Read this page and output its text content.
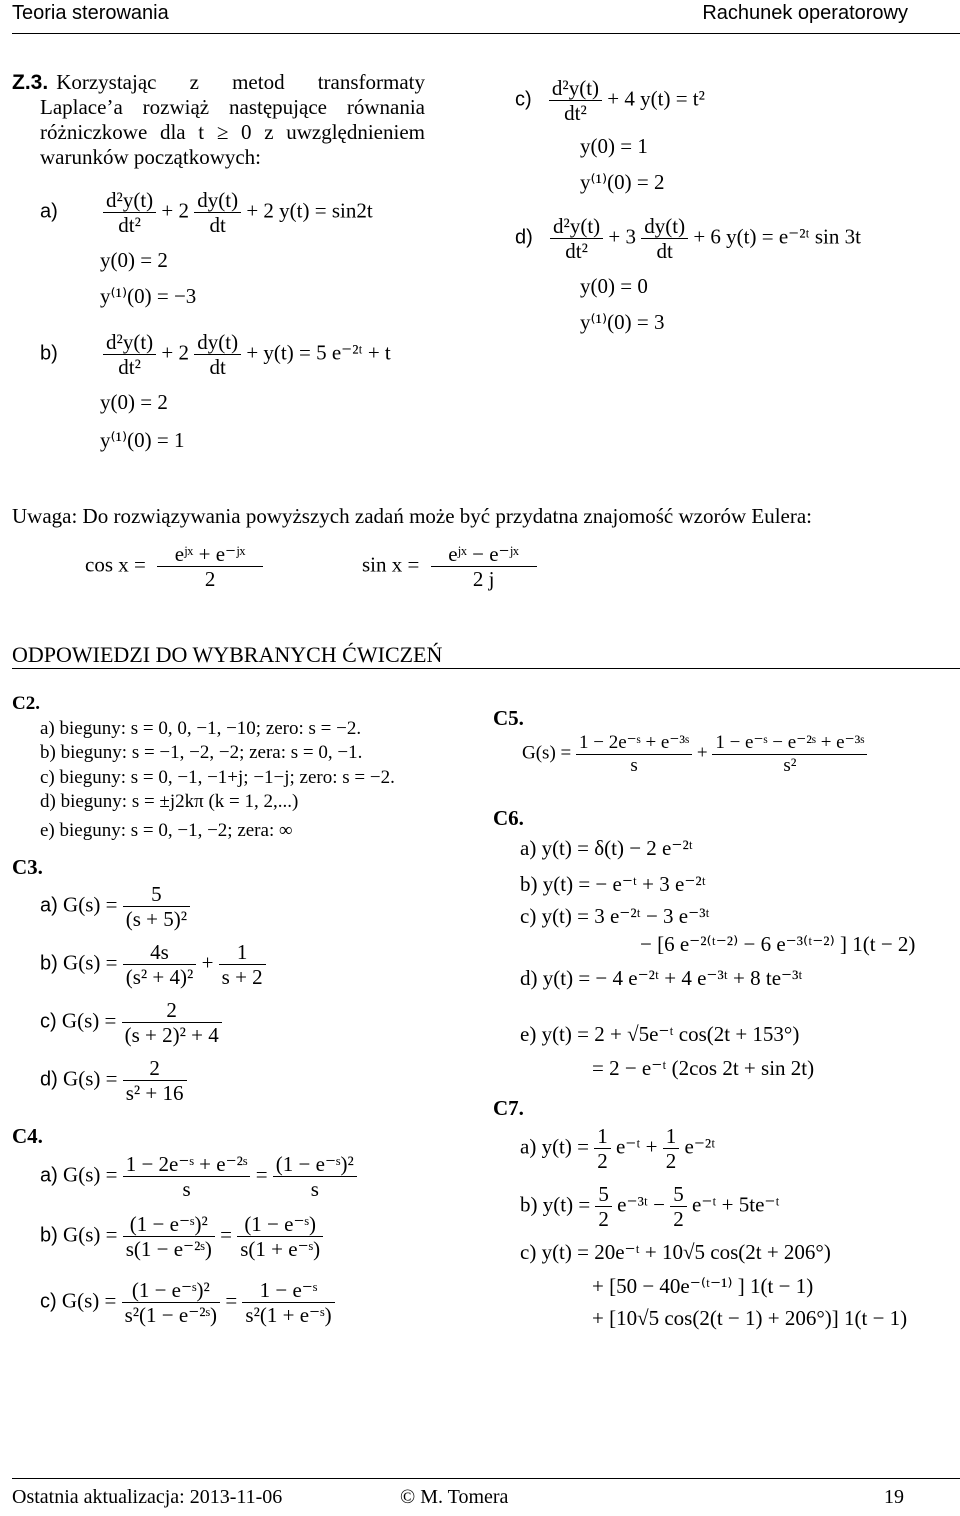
Teoria sterowania	Rachunek operatorowy
Z.3. Korzystając z metod transformaty
Laplace’a rozwiąż następujące równania
różniczkowe dla t ≥ 0 z uwzględnieniem
warunków początkowych:
$a) \frac{\text{d²y(t)}}{\text{dt²}} + 2 \frac{dy(t)}{dt} + 2$ y(t) = sin2t
y(0) = 2
y⁽¹⁾(0) = −3
$b) \frac{\text{d²y(t)}}{\text{dt²}} + 2 \frac{dy(t)}{dt} + y(t) = 5$ e⁻²ᵗ + t
y(0) = 2
y⁽¹⁾(0) = 1
$c) \frac{\text{d²y(t)}}{\text{dt²}} + 4$ y(t) = t²
y(0) = 1
y⁽¹⁾(0) = 2
$d) \frac{\text{d²y(t)}}{\text{dt²}} + 3 \frac{dy(t)}{dt} + 6$ y(t) = e⁻²ᵗ sin 3t
y(0) = 0
y⁽¹⁾(0) = 3
Uwaga: Do rozwiązywania powyższych zadań może być przydatna znajomość wzorów Eulera:
$\cos x = \frac{\text{eʲˣ + e⁻ʲˣ}}{2}$	$\sin x = \frac{\text{eʲˣ − e⁻ʲˣ}}{2 j}$
ODPOWIEDZI DO WYBRANYCH ĆWICZEŃ
C2.
a) bieguny: s = 0, 0, −1, −10; zero: s = −2.
b) bieguny: s = −1, −2, −2; zera: s = 0, −1.
c) bieguny: s = 0, −1, −1+j; −1−j; zero: s = −2.
d) bieguny: s = ±j2kπ (k = 1, 2,...)
e) bieguny: s = 0, −1, −2; zera: ∞
C3.
a) $G(s) = \frac{5}{\text{(s + 5)²}}$
b) $G(s) = \frac{4s}{\text{(s² + 4)²}} + \frac{1}{s + 2}$
c) $G(s) = \frac{2}{\text{(s + 2)² + 4}}$
d) $G(s) = \frac{2}{\text{s² + 16}}$
C4.
a) $G(s) = \frac{\text{1 − 2e⁻ˢ + e⁻²ˢ}}{s} = \frac{\text{(1 − e⁻ˢ)²}}{s}$
b) $G(s) = \frac{\text{(1 − e⁻ˢ)²}}{\text{s(1 − e⁻²ˢ)}} = \frac{\text{(1 − e⁻ˢ)}}{\text{s(1 + e⁻ˢ)}}$
c) $G(s) = \frac{\text{(1 − e⁻ˢ)²}}{\text{s²(1 − e⁻²ˢ)}} = \frac{\text{1 − e⁻ˢ}}{\text{s²(1 + e⁻ˢ)}}$
C5.
$G(s) = \frac{\text{1 − 2e⁻ˢ + e⁻³ˢ}}{s} + \frac{\text{1 − e⁻ˢ − e⁻²ˢ + e⁻³ˢ}}{\text{s²}}$
C6.
a) y(t) = δ(t) − 2 e⁻²ᵗ
b) y(t) = − e⁻ᵗ + 3 e⁻²ᵗ
c) y(t) = 3 e⁻²ᵗ − 3 e⁻³ᵗ
− [6 e⁻²⁽ᵗ⁻²⁾ − 6 e⁻³⁽ᵗ⁻²⁾ ] 1(t − 2)
d) y(t) = − 4 e⁻²ᵗ + 4 e⁻³ᵗ + 8 te⁻³ᵗ
e) y(t) = 2 + √5e⁻ᵗ cos(2t + 153°)
= 2 − e⁻ᵗ (2cos 2t + sin 2t)
C7.
a) $y(t) = \frac{1}{2}$ e⁻ᵗ + $\frac{1}{2}$ e⁻²ᵗ
b) $y(t) = \frac{5}{2}$ e⁻³ᵗ − $\frac{5}{2}$ e⁻ᵗ + 5te⁻ᵗ
c) y(t) = 20e⁻ᵗ + 10√5 cos(2t + 206°)
+ [50 − 40e⁻⁽ᵗ⁻¹⁾ ] 1(t − 1)
+ [10√5 cos(2(t − 1) + 206°)] 1(t − 1)
Ostatnia aktualizacja: 2013-11-06	© M. Tomera	19
